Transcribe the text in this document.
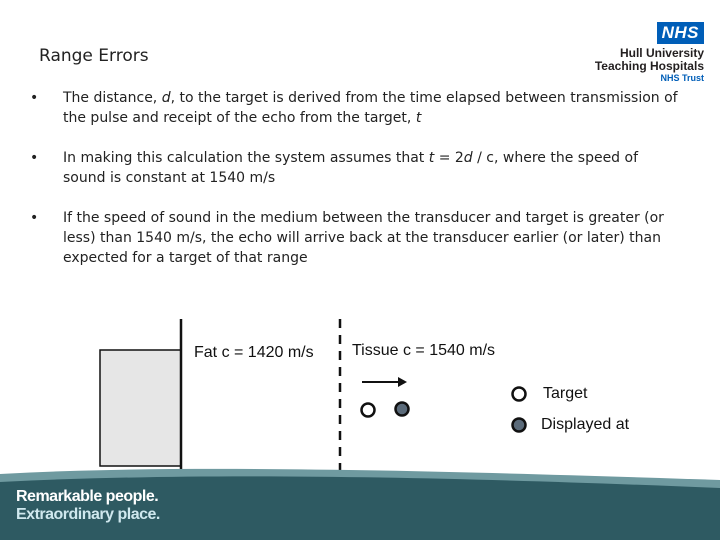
Range Errors
NHS
Hull University
Teaching Hospitals
NHS Trust
• The distance, d, to the target is derived from the time elapsed between transmission of the pulse and receipt of the echo from the target, t
• In making this calculation the system assumes that t = 2d / c, where the speed of sound is constant at 1540 m/s
• If the speed of sound in the medium between the transducer and target is greater (or less) than 1540 m/s, the echo will arrive back at the transducer earlier (or later) than expected for a target of that range
Fat c = 1420 m/s Tissue c = 1540 m/s
Target
Displayed at
Remarkable people.
Extraordinary place.
